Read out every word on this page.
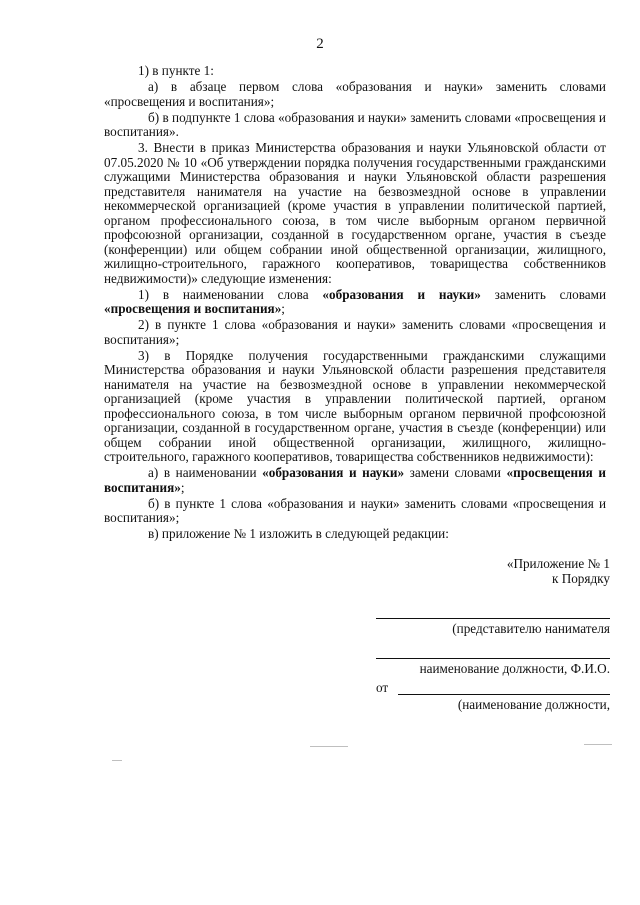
2

1) в пункте 1:

а) в абзаце первом слова «образования и науки» заменить словами «просвещения и воспитания»;

б) в подпункте 1 слова «образования и науки» заменить словами «просвещения и воспитания».

3. Внести в приказ Министерства образования и науки Ульяновской области от 07.05.2020 № 10 «Об утверждении порядка получения государственными гражданскими служащими Министерства образования и науки Ульяновской области разрешения представителя нанимателя на участие на безвозмездной основе в управлении некоммерческой организацией (кроме участия в управлении политической партией, органом профессионального союза, в том числе выборным органом первичной профсоюзной организации, созданной в государственном органе, участия в съезде (конференции) или общем собрании иной общественной организации, жилищного, жилищно-строительного, гаражного кооперативов, товарищества собственников недвижимости)» следующие изменения:

1) в наименовании слова «образования и науки» заменить словами «просвещения и воспитания»;

2) в пункте 1 слова «образования и науки» заменить словами «просвещения и воспитания»;

3) в Порядке получения государственными гражданскими служащими Министерства образования и науки Ульяновской области разрешения представителя нанимателя на участие на безвозмездной основе в управлении некоммерческой организацией (кроме участия в управлении политической партией, органом профессионального союза, в том числе выборным органом первичной профсоюзной организации, созданной в государственном органе, участия в съезде (конференции) или общем собрании иной общественной организации, жилищного, жилищно-строительного, гаражного кооперативов, товарищества собственников недвижимости):

а) в наименовании «образования и науки» замени словами «просвещения и воспитания»;

б) в пункте 1 слова «образования и науки» заменить словами «просвещения и воспитания»;

в) приложение № 1 изложить в следующей редакции:

«Приложение № 1
к Порядку
(представителю нанимателя
наименование должности, Ф.И.О.
от
(наименование должности,
